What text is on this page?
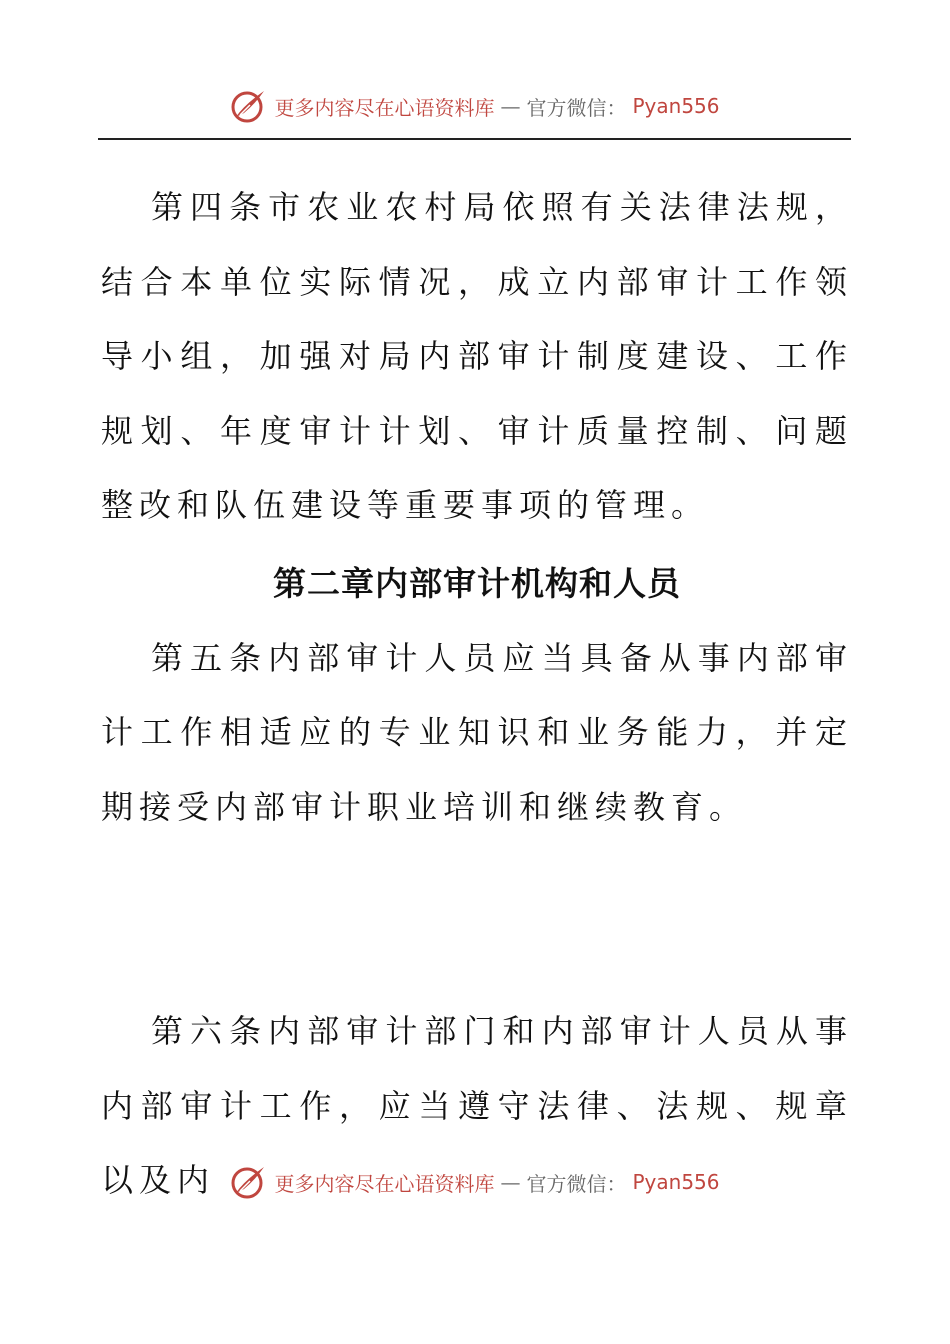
更多内容尽在心语资料库 — 官方微信： Pyan556

第四条市农业农村局依照有关法律法规，结合本单位实际情况，成立内部审计工作领导小组，加强对局内部审计制度建设、工作规划、年度审计计划、审计质量控制、问题整改和队伍建设等重要事项的管理。

第二章内部审计机构和人员

第五条内部审计人员应当具备从事内部审计工作相适应的专业知识和业务能力，并定期接受内部审计职业培训和继续教育。

第六条内部审计部门和内部审计人员从事内部审计工作，应当遵守法律、法规、规章以及内	更多内容尽在心语资料库 — 官方微信： Pyan556
